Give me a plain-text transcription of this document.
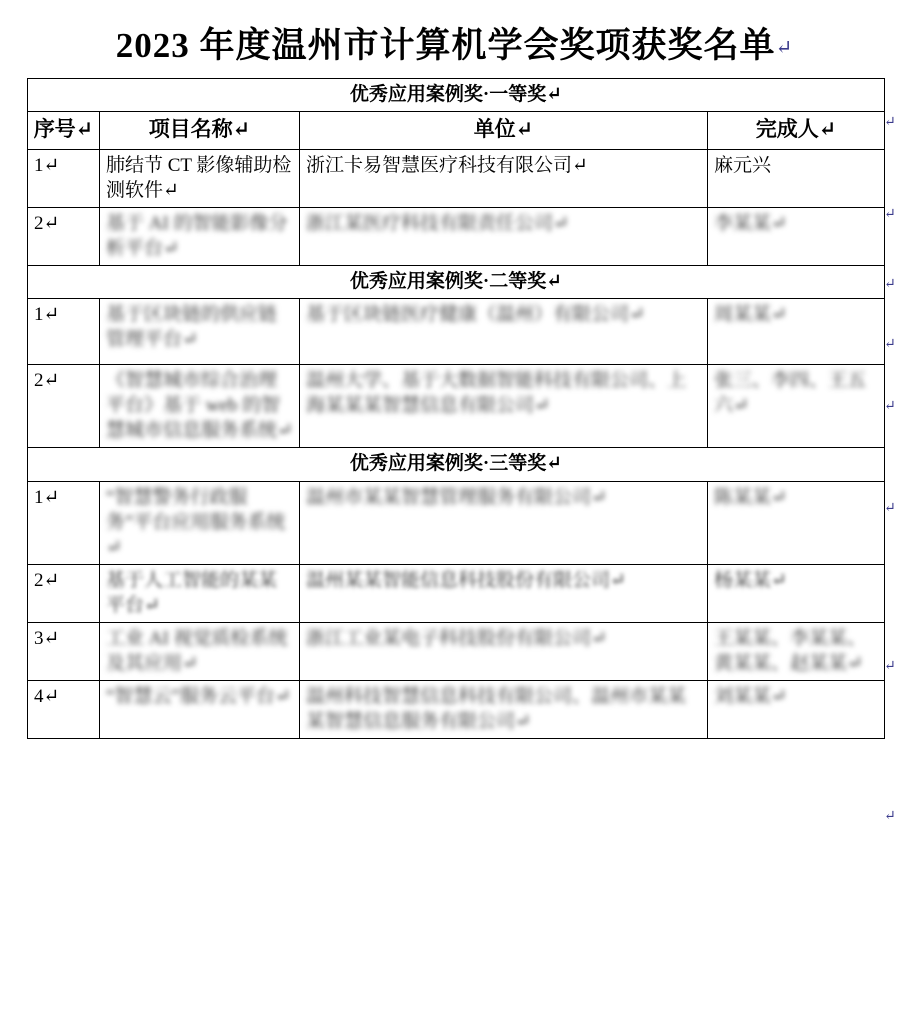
2023 年度温州市计算机学会奖项获奖名单↵
优秀应用案例奖·一等奖↵			
序号↵	项目名称↵	单位↵	完成人↵
1↵	肺结节 CT 影像辅助检测软件↵	浙江卡易智慧医疗科技有限公司↵	麻元兴
2↵	基于 AI 的智能影像分析平台↵	浙江某医疗科技有限责任公司↵	李某某↵
优秀应用案例奖·二等奖↵			
1↵	基于区块链的供应链管理平台↵	基于区块链医疗健康（温州）有限公司↵	周某某↵
2↵	《智慧城市综合治理平台》基于 web 的智慧城市信息服务系统↵	温州大学、基于大数据智能科技有限公司、上海某某某智慧信息有限公司↵	张三、李四、王五六↵
优秀应用案例奖·三等奖↵			
1↵	“智慧警务行政服务”平台应用服务系统↵	温州市某某智慧管理服务有限公司↵	陈某某↵
2↵	基于人工智能的某某平台↵	温州某某智能信息科技股份有限公司↵	杨某某↵
3↵	工业 AI 视觉质检系统及其应用↵	浙江工业某电子科技股份有限公司↵	王某某、李某某、黄某某、赵某某↵
4↵	“智慧云”服务云平台↵	温州科技智慧信息科技有限公司、温州市某某某智慧信息服务有限公司↵	刘某某↵
↵
↵
↵
↵
↵
↵
↵
↵
